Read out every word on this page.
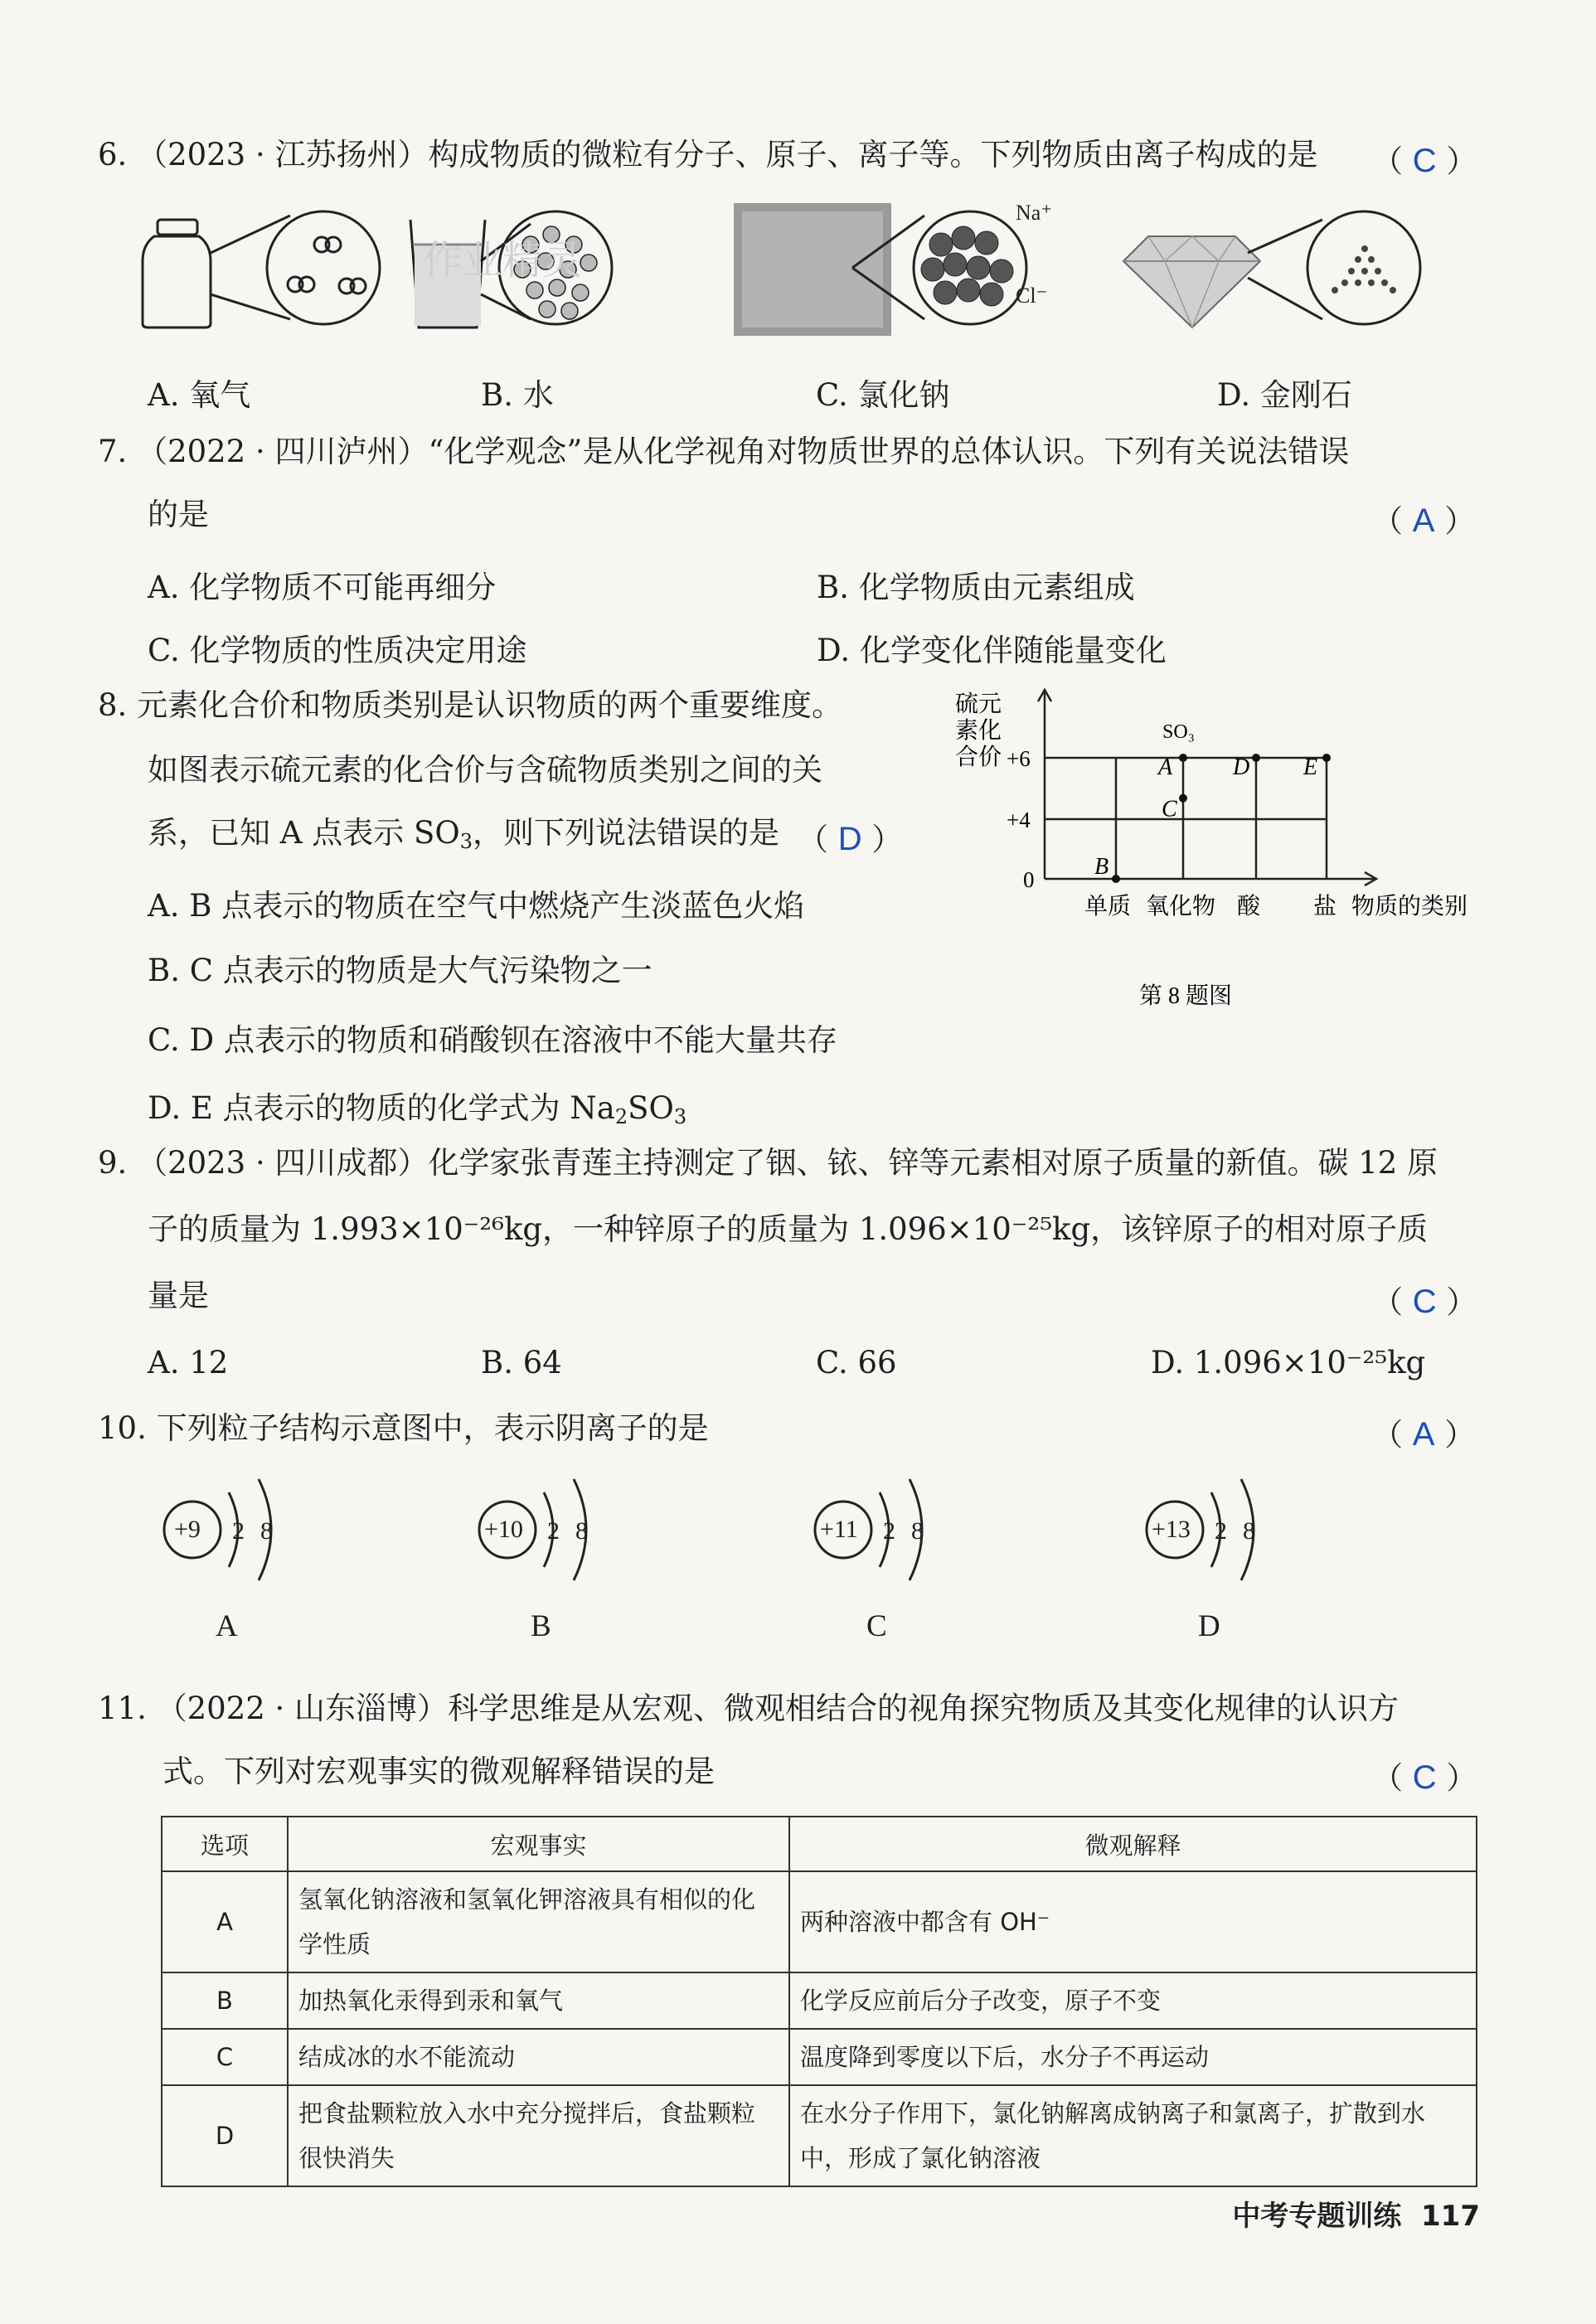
6. （2023 · 江苏扬州）构成物质的微粒有分子、原子、离子等。下列物质由离子构成的是 （ C ）
作业精灵
Na⁺
Cl⁻
A. 氧气	B. 水	C. 氯化钠	D. 金刚石
7. （2022 · 四川泸州）“化学观念”是从化学视角对物质世界的总体认识。下列有关说法错误
的是	（ A ）
A. 化学物质不可能再细分	B. 化学物质由元素组成
C. 化学物质的性质决定用途	D. 化学变化伴随能量变化
8. 元素化合价和物质类别是认识物质的两个重要维度。
如图表示硫元素的化合价与含硫物质类别之间的关
系，已知 A 点表示 $SO_3$，则下列说法错误的是 （ D ）
A. B 点表示的物质在空气中燃烧产生淡蓝色火焰
B. C 点表示的物质是大气污染物之一
C. D 点表示的物质和硝酸钡在溶液中不能大量共存
D. E 点表示的物质的化学式为 $Na_2SO_3$
硫元
素化
合价 +6
+4
0
单质 氧化物 酸 盐 物质的类别
SO₃
第 8 题图
B
C
A	D E
9. （2023 · 四川成都）化学家张青莲主持测定了铟、铱、锌等元素相对原子质量的新值。碳 12 原
子的质量为 1.993×10⁻²⁶kg，一种锌原子的质量为 1.096×10⁻²⁵kg，该锌原子的相对原子质
量是	（ C ）
A. 12	B. 64	C. 66	D. 1.096×10⁻²⁵kg
10. 下列粒子结构示意图中，表示阴离子的是	（ A ）
+9 2 8
A
+10 2 8
B
+11 2 8
C
+13 2 8
D
11. （2022 · 山东淄博）科学思维是从宏观、微观相结合的视角探究物质及其变化规律的认识方
式。下列对宏观事实的微观解释错误的是	（ C ）
选项	宏观事实	微观解释
A	氢氧化钠溶液和氢氧化钾溶液具有相似的化学性质	两种溶液中都含有 OH⁻
B	加热氧化汞得到汞和氧气	化学反应前后分子改变，原子不变
C	结成冰的水不能流动	温度降到零度以下后，水分子不再运动
D	把食盐颗粒放入水中充分搅拌后，食盐颗粒很快消失	在水分子作用下，氯化钠解离成钠离子和氯离子，扩散到水中，形成了氯化钠溶液
中考专题训练 117
